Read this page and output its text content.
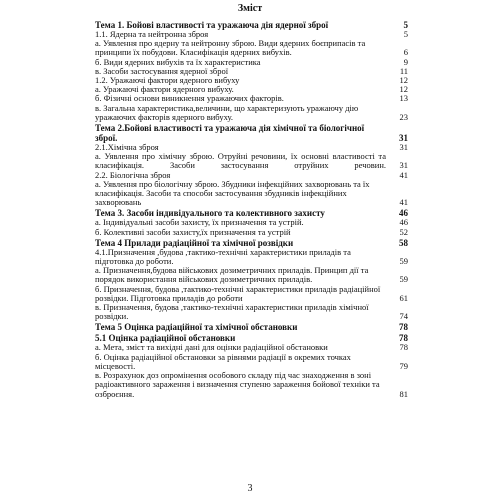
Зміст
Тема 1. Бойові властивості та уражаюча дія ядерної зброї	5
1.1. Ядерна та нейтронна зброя	5
а. Уявлення про ядерну та нейтронну зброю. Види ядерних боєприпасів та принципи їх побудови. Класифікація ядерних вибухів.	6
б. Види ядерних вибухів та їх характеристика	9
в. Засоби застосування ядерної зброї	11
1.2. Уражаючі фактори ядерного вибуху	12
а. Уражаючі фактори ядерного вибуху.	12
б. Фізичні основи виникнення уражаючих факторів.	13
в. Загальна характеристика,величини, що характеризують уражаючу дію уражаючих факторів ядерного вибуху.	23
Тема 2.Бойові властивості та уражаюча дія хімічної та біологічної зброї.	31
2.1.Хімічна зброя	31
а. Уявлення про хімічну зброю. Отруйні речовини, їх основні властивості та класифікація. Засоби застосування отруйних речовин.	31
2.2. Біологічна зброя	41
а. Уявлення про біологічну зброю. Збудники інфекційних захворювань та їх класифікація. Засоби та способи застосування збудників інфекційних захворювань	41
Тема 3. Засоби індивідуального та колективного захисту	46
а. Індивідуальні засоби захисту, їх призначення та устрій.	46
б. Колективні засоби захисту,їх призначення та устрій	52
Тема 4 Прилади радіаційної та хімічної розвідки	58
4.1.Призначення ,будова ,тактико-технічні характеристики приладів та підготовка до роботи.	59
а. Призначення,будова військових дозиметричних приладів. Принцип дії та порядок використання військових дозиметричних приладів.	59
б. Призначення, будова ,тактико-технічні характеристики приладів радіаційної розвідки. Підготовка приладів до роботи	61
в. Призначення, будова ,тактико-технічні характеристики приладів хімічної розвідки.	74
Тема 5 Оцінка радіаційної та хімічної обстановки	78
5.1 Оцінка радіаційної обстановки	78
а. Мета, зміст та вихідні дані для оцінки радіаційної обстановки	78
б. Оцінка радіаційної обстановки за рівнями радіації в окремих точках місцевості.	79
в. Розрахунок доз опромінення особового складу під час знаходження в зоні радіоактивного зараження і визначення ступеню зараження бойової техніки та озброєння.	81
3
